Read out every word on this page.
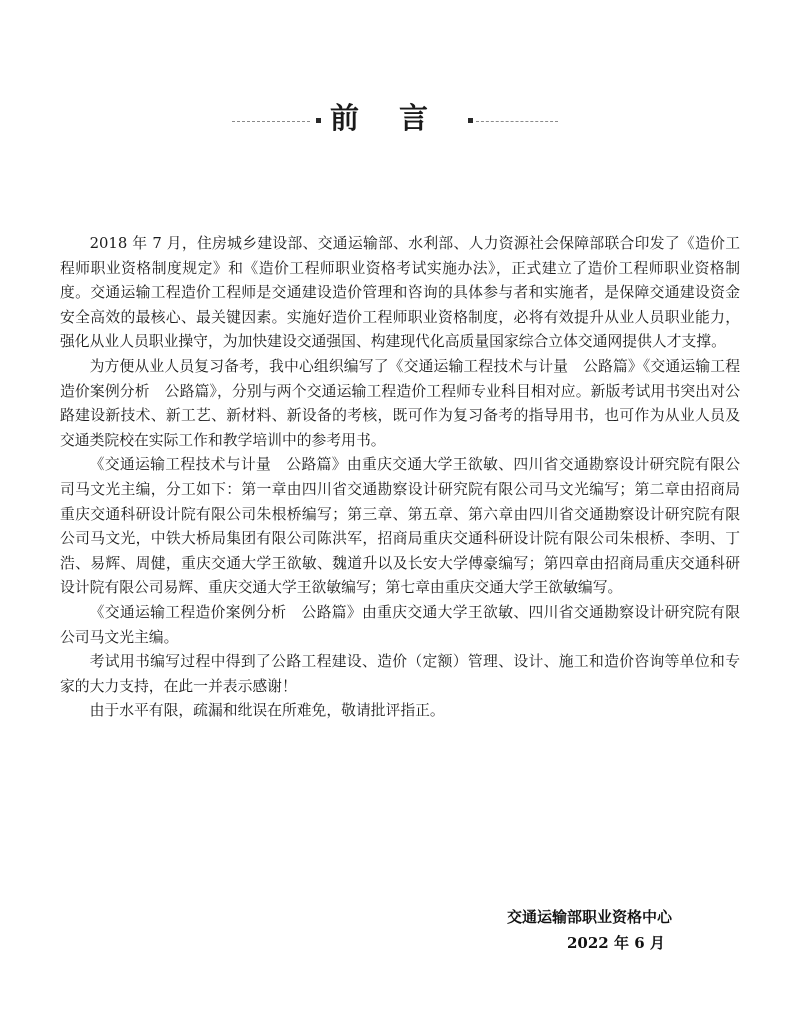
前言

2018 年 7 月，住房城乡建设部、交通运输部、水利部、人力资源社会保障部联合印发了《造价工程师职业资格制度规定》和《造价工程师职业资格考试实施办法》，正式建立了造价工程师职业资格制度。交通运输工程造价工程师是交通建设造价管理和咨询的具体参与者和实施者，是保障交通建设资金安全高效的最核心、最关键因素。实施好造价工程师职业资格制度，必将有效提升从业人员职业能力，强化从业人员职业操守，为加快建设交通强国、构建现代化高质量国家综合立体交通网提供人才支撑。

为方便从业人员复习备考，我中心组织编写了《交通运输工程技术与计量　公路篇》《交通运输工程造价案例分析　公路篇》，分别与两个交通运输工程造价工程师专业科目相对应。新版考试用书突出对公路建设新技术、新工艺、新材料、新设备的考核，既可作为复习备考的指导用书，也可作为从业人员及交通类院校在实际工作和教学培训中的参考用书。

《交通运输工程技术与计量　公路篇》由重庆交通大学王欲敏、四川省交通勘察设计研究院有限公司马文光主编，分工如下：第一章由四川省交通勘察设计研究院有限公司马文光编写；第二章由招商局重庆交通科研设计院有限公司朱根桥编写；第三章、第五章、第六章由四川省交通勘察设计研究院有限公司马文光，中铁大桥局集团有限公司陈洪军，招商局重庆交通科研设计院有限公司朱根桥、李明、丁浩、易辉、周健，重庆交通大学王欲敏、魏道升以及长安大学傅豪编写；第四章由招商局重庆交通科研设计院有限公司易辉、重庆交通大学王欲敏编写；第七章由重庆交通大学王欲敏编写。

《交通运输工程造价案例分析　公路篇》由重庆交通大学王欲敏、四川省交通勘察设计研究院有限公司马文光主编。

考试用书编写过程中得到了公路工程建设、造价（定额）管理、设计、施工和造价咨询等单位和专家的大力支持，在此一并表示感谢！

由于水平有限，疏漏和纰误在所难免，敬请批评指正。

交通运输部职业资格中心
2022 年 6 月
